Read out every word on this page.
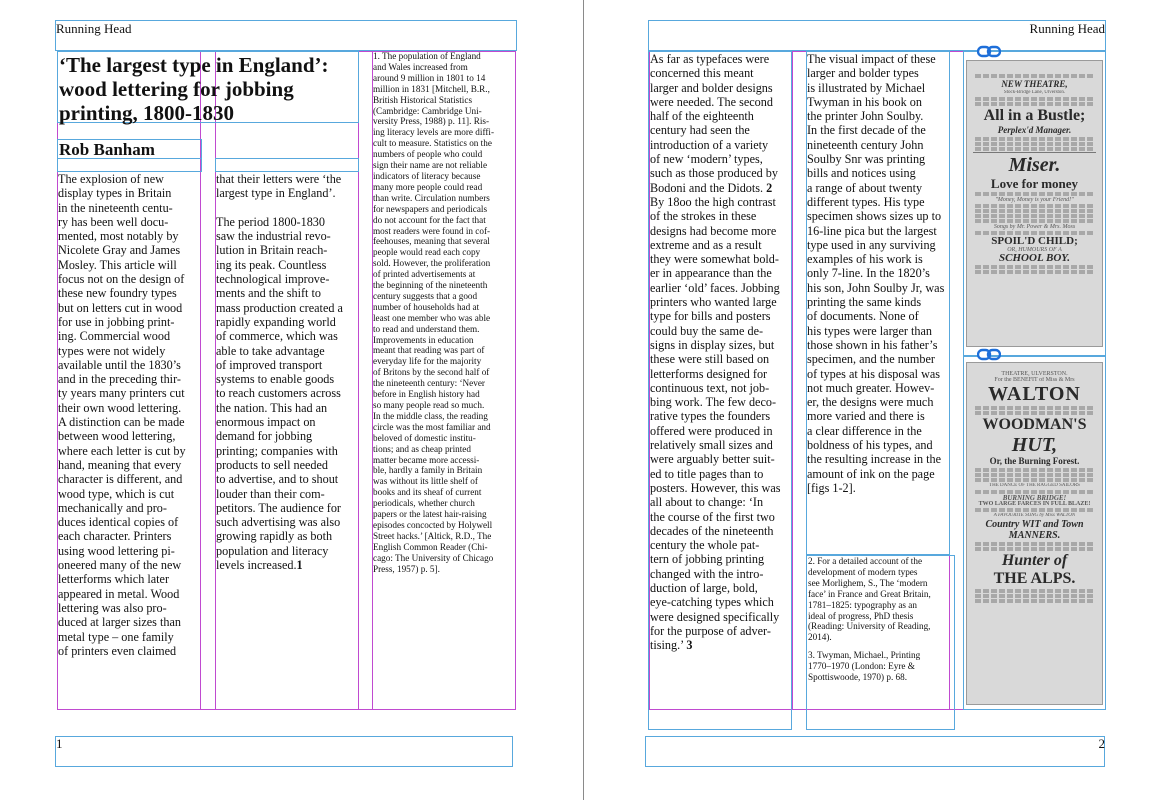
Running Head
‘The largest type in England’:
wood lettering for jobbing
printing, 1800-1830
Rob Banham
The explosion of new
display types in Britain
in the nineteenth centu-
ry has been well docu-
mented, most notably by
Nicolete Gray and James
Mosley. This article will
focus not on the design of
these new foundry types
but on letters cut in wood
for use in jobbing print-
ing. Commercial wood
types were not widely
available until the 1830’s
and in the preceding thir-
ty years many printers cut
their own wood lettering.
A distinction can be made
between wood lettering,
where each letter is cut by
hand, meaning that every
character is different, and
wood type, which is cut
mechanically and pro-
duces identical copies of
each character. Printers
using wood lettering pi-
oneered many of the new
letterforms which later
appeared in metal. Wood
lettering was also pro-
duced at larger sizes than
metal type – one family
of printers even claimed
that their letters were ‘the
largest type in England’.

The period 1800-1830
saw the industrial revo-
lution in Britain reach-
ing its peak. Countless
technological improve-
ments and the shift to
mass production created a
rapidly expanding world
of commerce, which was
able to take advantage
of improved transport
systems to enable goods
to reach customers across
the nation. This had an
enormous impact on
demand for jobbing
printing; companies with
products to sell needed
to advertise, and to shout
louder than their com-
petitors. The audience for
such advertising was also
growing rapidly as both
population and literacy
levels increased.1
1. The population of England
and Wales increased from
around 9 million in 1801 to 14
million in 1831 [Mitchell, B.R.,
British Historical Statistics
(Cambridge: Cambridge Uni-
versity Press, 1988) p. 11]. Ris-
ing literacy levels are more diffi-
cult to measure. Statistics on the
numbers of people who could
sign their name are not reliable
indicators of literacy because
many more people could read
than write. Circulation numbers
for newspapers and periodicals
do not account for the fact that
most readers were found in cof-
feehouses, meaning that several
people would read each copy
sold. However, the proliferation
of printed advertisements at
the beginning of the nineteenth
century suggests that a good
number of households had at
least one member who was able
to read and understand them.
Improvements in education
meant that reading was part of
everyday life for the majority
of Britons by the second half of
the nineteenth century: ‘Never
before in English history had
so many people read so much.
In the middle class, the reading
circle was the most familiar and
beloved of domestic institu-
tions; and as cheap printed
matter became more accessi-
ble, hardly a family in Britain
was without its little shelf of
books and its sheaf of current
periodicals, whether church
papers or the latest hair-raising
episodes concocted by Holywell
Street hacks.’ [Altick, R.D., The
English Common Reader (Chi-
cago: The University of Chicago
Press, 1957) p. 5].
1
Running Head
As far as typefaces were
concerned this meant
larger and bolder designs
were needed. The second
half of the eighteenth
century had seen the
introduction of a variety
of new ‘modern’ types,
such as those produced by
Bodoni and the Didots. 2
By 18oo the high contrast
of the strokes in these
designs had become more
extreme and as a result
they were somewhat bold-
er in appearance than the
earlier ‘old’ faces. Jobbing
printers who wanted large
type for bills and posters
could buy the same de-
signs in display sizes, but
these were still based on
letterforms designed for
continuous text, not job-
bing work. The few deco-
rative types the founders
offered were produced in
relatively small sizes and
were arguably better suit-
ed to title pages than to
posters. However, this was
all about to change: ‘In
the course of the first two
decades of the nineteenth
century the whole pat-
tern of jobbing printing
changed with the intro-
duction of large, bold,
eye-catching types which
were designed specifically
for the purpose of adver-
tising.’ 3
The visual impact of these
larger and bolder types
is illustrated by Michael
Twyman in his book on
the printer John Soulby.
In the first decade of the
nineteenth century John
Soulby Snr was printing
bills and notices using
a range of about twenty
different types. His type
specimen shows sizes up to
16-line pica but the largest
type used in any surviving
examples of his work is
only 7-line. In the 1820’s
his son, John Soulby Jr, was
printing the same kinds
of documents. None of
his types were larger than
those shown in his father’s
specimen, and the number
of types at his disposal was
not much greater. Howev-
er, the designs were much
more varied and there is
a clear difference in the
boldness of his types, and
the resulting increase in the
amount of ink on the page
[figs 1-2].
2. For a detailed account of the
development of modern types
see Morlighem, S., The ‘modern
face’ in France and Great Britain,
1781–1825: typography as an
ideal of progress, PhD thesis
(Reading: University of Reading,
2014).
3. Twyman, Michael., Printing
1770–1970 (London: Eyre &
Spottiswoode, 1970) p. 68.
NEW THEATRE,
Stock-Bridge Lane, Ulverston.
All in a Bustle;
Perplex'd Manager.
Miser.
Love for money
"Money, Money is your Friend!"
Songs by Mr. Power & Mrs. Moss
SPOIL'D CHILD;
OR, HUMOURS OF A
SCHOOL BOY.
THEATRE, ULVERSTON.
For the BENEFIT of Miss & Mrs
WALTON
WOODMAN'S
HUT,
Or, the Burning Forest.
THE DANCE OF THE RAGGED SAILORS
BURNING BRIDGE!
TWO LARGE FARCES IN FULL BLAZE!
A FAVOURITE SONG by Miss WALTON
Country WIT and Town
MANNERS.
Hunter of
THE ALPS.
2
